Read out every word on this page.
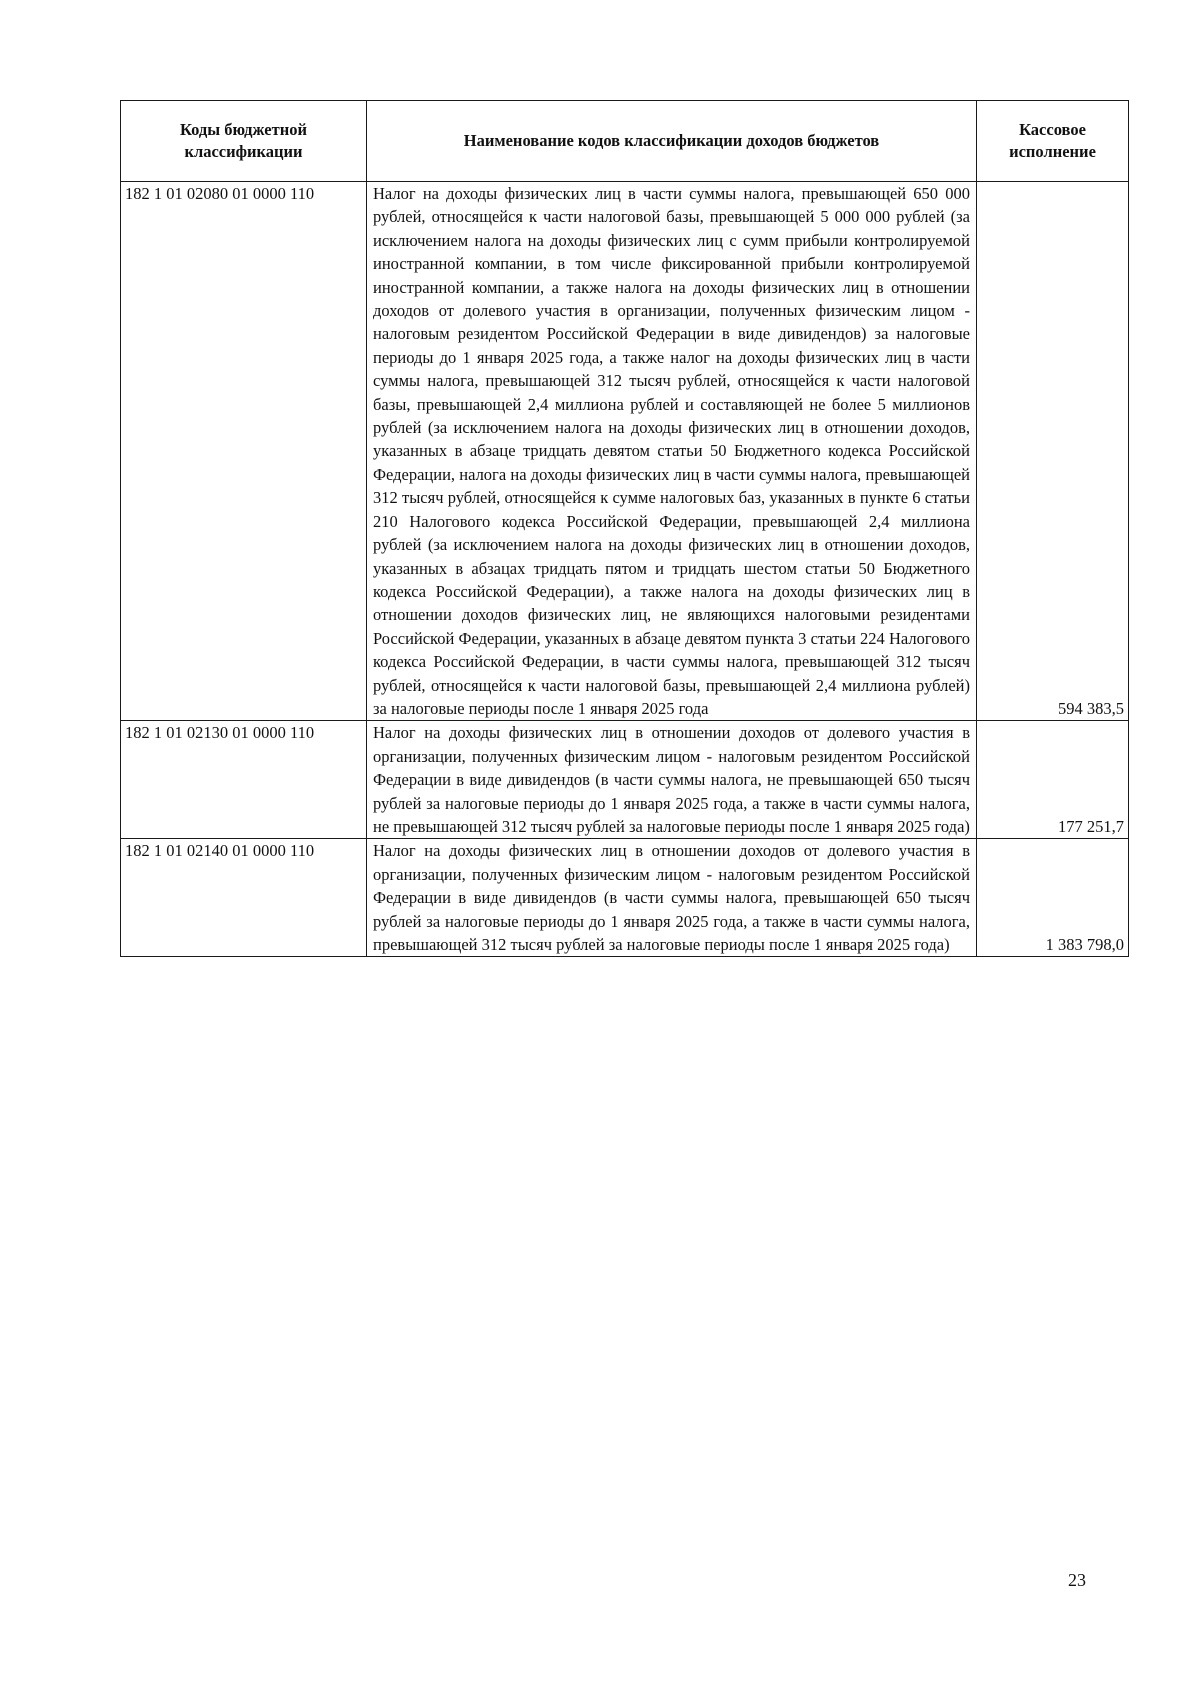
Коды бюджетной классификации	Наименование кодов классификации доходов бюджетов	Кассовое исполнение
182 1 01 02080 01 0000 110	Налог на доходы физических лиц в части суммы налога, превышающей 650 000 рублей, относящейся к части налоговой базы, превышающей 5 000 000 рублей (за исключением налога на доходы физических лиц с сумм прибыли контролируемой иностранной компании, в том числе фиксированной прибыли контролируемой иностранной компании, а также налога на доходы физических лиц в отношении доходов от долевого участия в организации, полученных физическим лицом - налоговым резидентом Российской Федерации в виде дивидендов) за налоговые периоды до 1 января 2025 года, а также налог на доходы физических лиц в части суммы налога, превышающей 312 тысяч рублей, относящейся к части налоговой базы, превышающей 2,4 миллиона рублей и составляющей не более 5 миллионов рублей (за исключением налога на доходы физических лиц в отношении доходов, указанных в абзаце тридцать девятом статьи 50 Бюджетного кодекса Российской Федерации, налога на доходы физических лиц в части суммы налога, превышающей 312 тысяч рублей, относящейся к сумме налоговых баз, указанных в пункте 6 статьи 210 Налогового кодекса Российской Федерации, превышающей 2,4 миллиона рублей (за исключением налога на доходы физических лиц в отношении доходов, указанных в абзацах тридцать пятом и тридцать шестом статьи 50 Бюджетного кодекса Российской Федерации), а также налога на доходы физических лиц в отношении доходов физических лиц, не являющихся налоговыми резидентами Российской Федерации, указанных в абзаце девятом пункта 3 статьи 224 Налогового кодекса Российской Федерации, в части суммы налога, превышающей 312 тысяч рублей, относящейся к части налоговой базы, превышающей 2,4 миллиона рублей) за налоговые периоды после 1 января 2025 года	594 383,5
182 1 01 02130 01 0000 110	Налог на доходы физических лиц в отношении доходов от долевого участия в организации, полученных физическим лицом - налоговым резидентом Российской Федерации в виде дивидендов (в части суммы налога, не превышающей 650 тысяч рублей за налоговые периоды до 1 января 2025 года, а также в части суммы налога, не превышающей 312 тысяч рублей за налоговые периоды после 1 января 2025 года)	177 251,7
182 1 01 02140 01 0000 110	Налог на доходы физических лиц в отношении доходов от долевого участия в организации, полученных физическим лицом - налоговым резидентом Российской Федерации в виде дивидендов (в части суммы налога, превышающей 650 тысяч рублей за налоговые периоды до 1 января 2025 года, а также в части суммы налога, превышающей 312 тысяч рублей за налоговые периоды после 1 января 2025 года)	1 383 798,0
23
